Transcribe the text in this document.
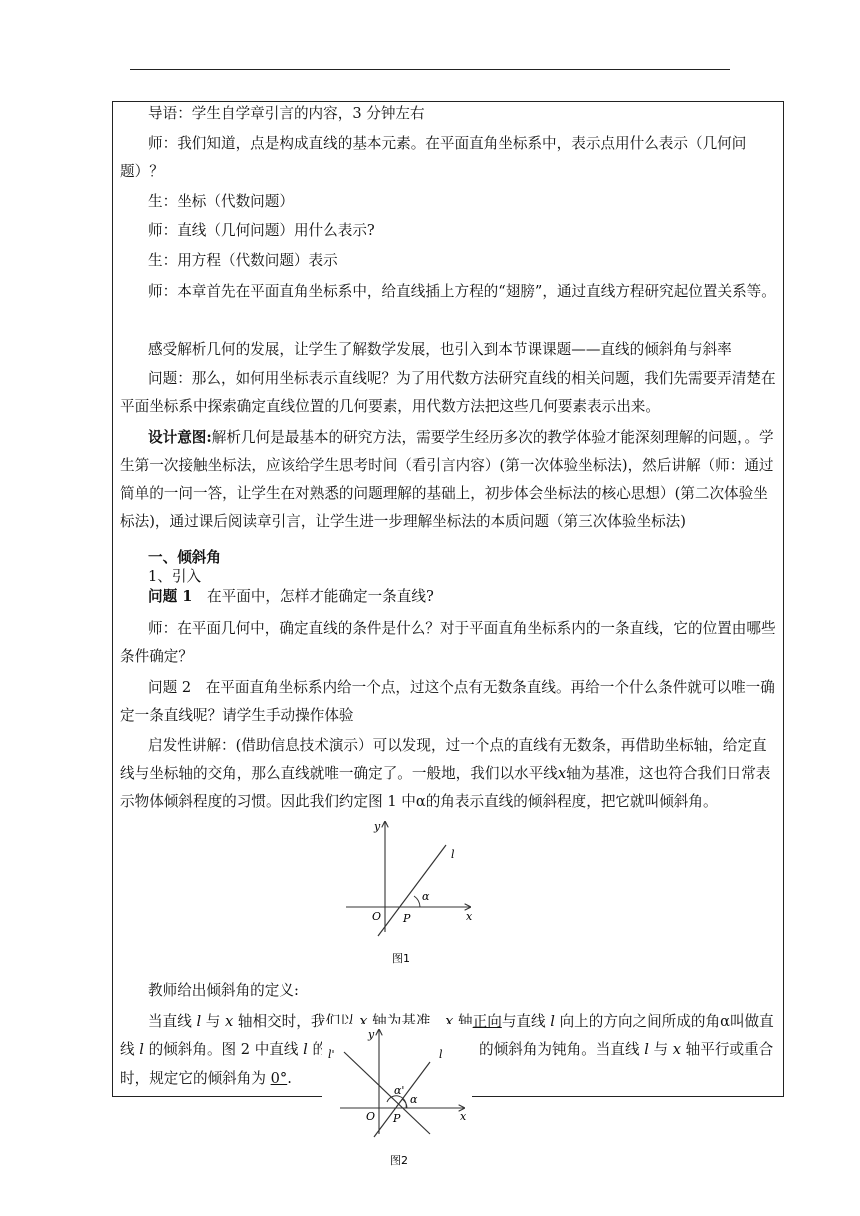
导语：学生自学章引言的内容，3 分钟左右

师：我们知道，点是构成直线的基本元素。在平面直角坐标系中，表示点用什么表示（几何问题）？

生：坐标（代数问题）

师：直线（几何问题）用什么表示?

生：用方程（代数问题）表示

师：本章首先在平面直角坐标系中，给直线插上方程的“翅膀”，通过直线方程研究起位置关系等。

感受解析几何的发展，让学生了解数学发展，也引入到本节课课题——直线的倾斜角与斜率

问题：那么，如何用坐标表示直线呢？为了用代数方法研究直线的相关问题，我们先需要弄清楚在平面坐标系中探索确定直线位置的几何要素，用代数方法把这些几何要素表示出来。

设计意图:解析几何是最基本的研究方法，需要学生经历多次的教学体验才能深刻理解的问题，。学生第一次接触坐标法，应该给学生思考时间（看引言内容）(第一次体验坐标法)，然后讲解（师：通过简单的一问一答，让学生在对熟悉的问题理解的基础上，初步体会坐标法的核心思想）(第二次体验坐标法)，通过课后阅读章引言，让学生进一步理解坐标法的本质问题（第三次体验坐标法)

一、倾斜角

1、引入

问题 1　在平面中，怎样才能确定一条直线?

师：在平面几何中，确定直线的条件是什么？对于平面直角坐标系内的一条直线，它的位置由哪些条件确定？

问题 2　在平面直角坐标系内给一个点，过这个点有无数条直线。再给一个什么条件就可以唯一确定一条直线呢？请学生手动操作体验

启发性讲解：(借助信息技术演示）可以发现，过一个点的直线有无数条，再借助坐标轴，给定直线与坐标轴的交角，那么直线就唯一确定了。一般地，我们以水平线x轴为基准，这也符合我们日常表示物体倾斜程度的习惯。因此我们约定图 1 中α的角表示直线的倾斜程度，把它就叫倾斜角。

y
x
O P
l
α
图1

教师给出倾斜角的定义:

当直线 l 与 x 轴相交时，我们以 x 轴为基准，x 轴正向与直线 l 向上的方向之间所成的角α叫做直

线 l 的倾斜角。图 2 中直线 l 的	的倾斜角为钝角。当直线 l 与 x 轴平行或重合

时，规定它的倾斜角为 0°.

y
x
O P
l
l'
α
α'
图2
